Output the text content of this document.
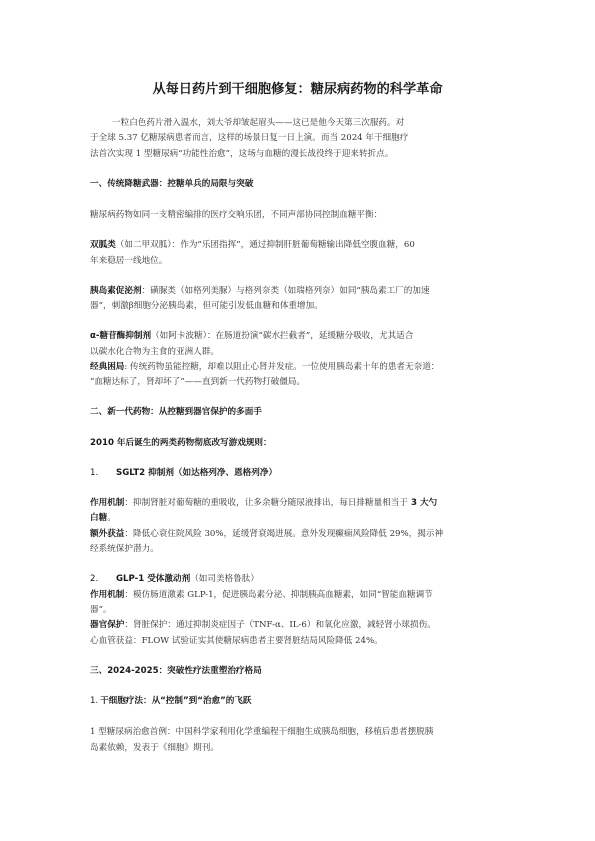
从每日药片到干细胞修复：糖尿病药物的科学革命

一粒白色药片滑入温水，刘大爷却皱起眉头——这已是他今天第三次服药。对

于全球 5.37 亿糖尿病患者而言，这样的场景日复一日上演。而当 2024 年干细胞疗

法首次实现 1 型糖尿病“功能性治愈”，这场与血糖的漫长战役终于迎来转折点。

一、传统降糖武器：控糖单兵的局限与突破

糖尿病药物如同一支精密编排的医疗交响乐团，不同声部协同控制血糖平衡：

双胍类（如二甲双胍）：作为“乐团指挥”，通过抑制肝脏葡萄糖输出降低空腹血糖，60

年来稳居一线地位。

胰岛素促泌剂：磺脲类（如格列美脲）与格列奈类（如瑞格列奈）如同“胰岛素工厂的加速

器”，刺激β细胞分泌胰岛素，但可能引发低血糖和体重增加。

α-糖苷酶抑制剂（如阿卡波糖）：在肠道扮演“碳水拦截者”，延缓糖分吸收，尤其适合

以碳水化合物为主食的亚洲人群。

经典困局: 传统药物虽能控糖，却难以阻止心肾并发症。一位使用胰岛素十年的患者无奈道：

“血糖达标了，肾却坏了”——直到新一代药物打破僵局。

二、新一代药物：从控糖到器官保护的多面手

2010 年后诞生的两类药物彻底改写游戏规则：

1. SGLT2 抑制剂（如达格列净、恩格列净）

作用机制：抑制肾脏对葡萄糖的重吸收，让多余糖分随尿液排出，每日排糖量相当于 3 大勺

白糖。

额外获益：降低心衰住院风险 30%，延缓肾衰竭进展。意外发现癫痫风险降低 29%，揭示神

经系统保护潜力。

2. GLP-1 受体激动剂（如司美格鲁肽）

作用机制：模仿肠道激素 GLP-1，促进胰岛素分泌、抑制胰高血糖素，如同“智能血糖调节

器”。

器官保护：肾脏保护：通过抑制炎症因子（TNF-α、IL-6）和氧化应激，减轻肾小球损伤。

心血管获益：FLOW 试验证实其使糖尿病患者主要肾脏结局风险降低 24%。

三、2024-2025：突破性疗法重塑治疗格局

1. 干细胞疗法：从“控制”到“治愈”的飞跃

1 型糖尿病治愈首例：中国科学家利用化学重编程干细胞生成胰岛细胞，移植后患者摆脱胰

岛素依赖，发表于《细胞》期刊。
